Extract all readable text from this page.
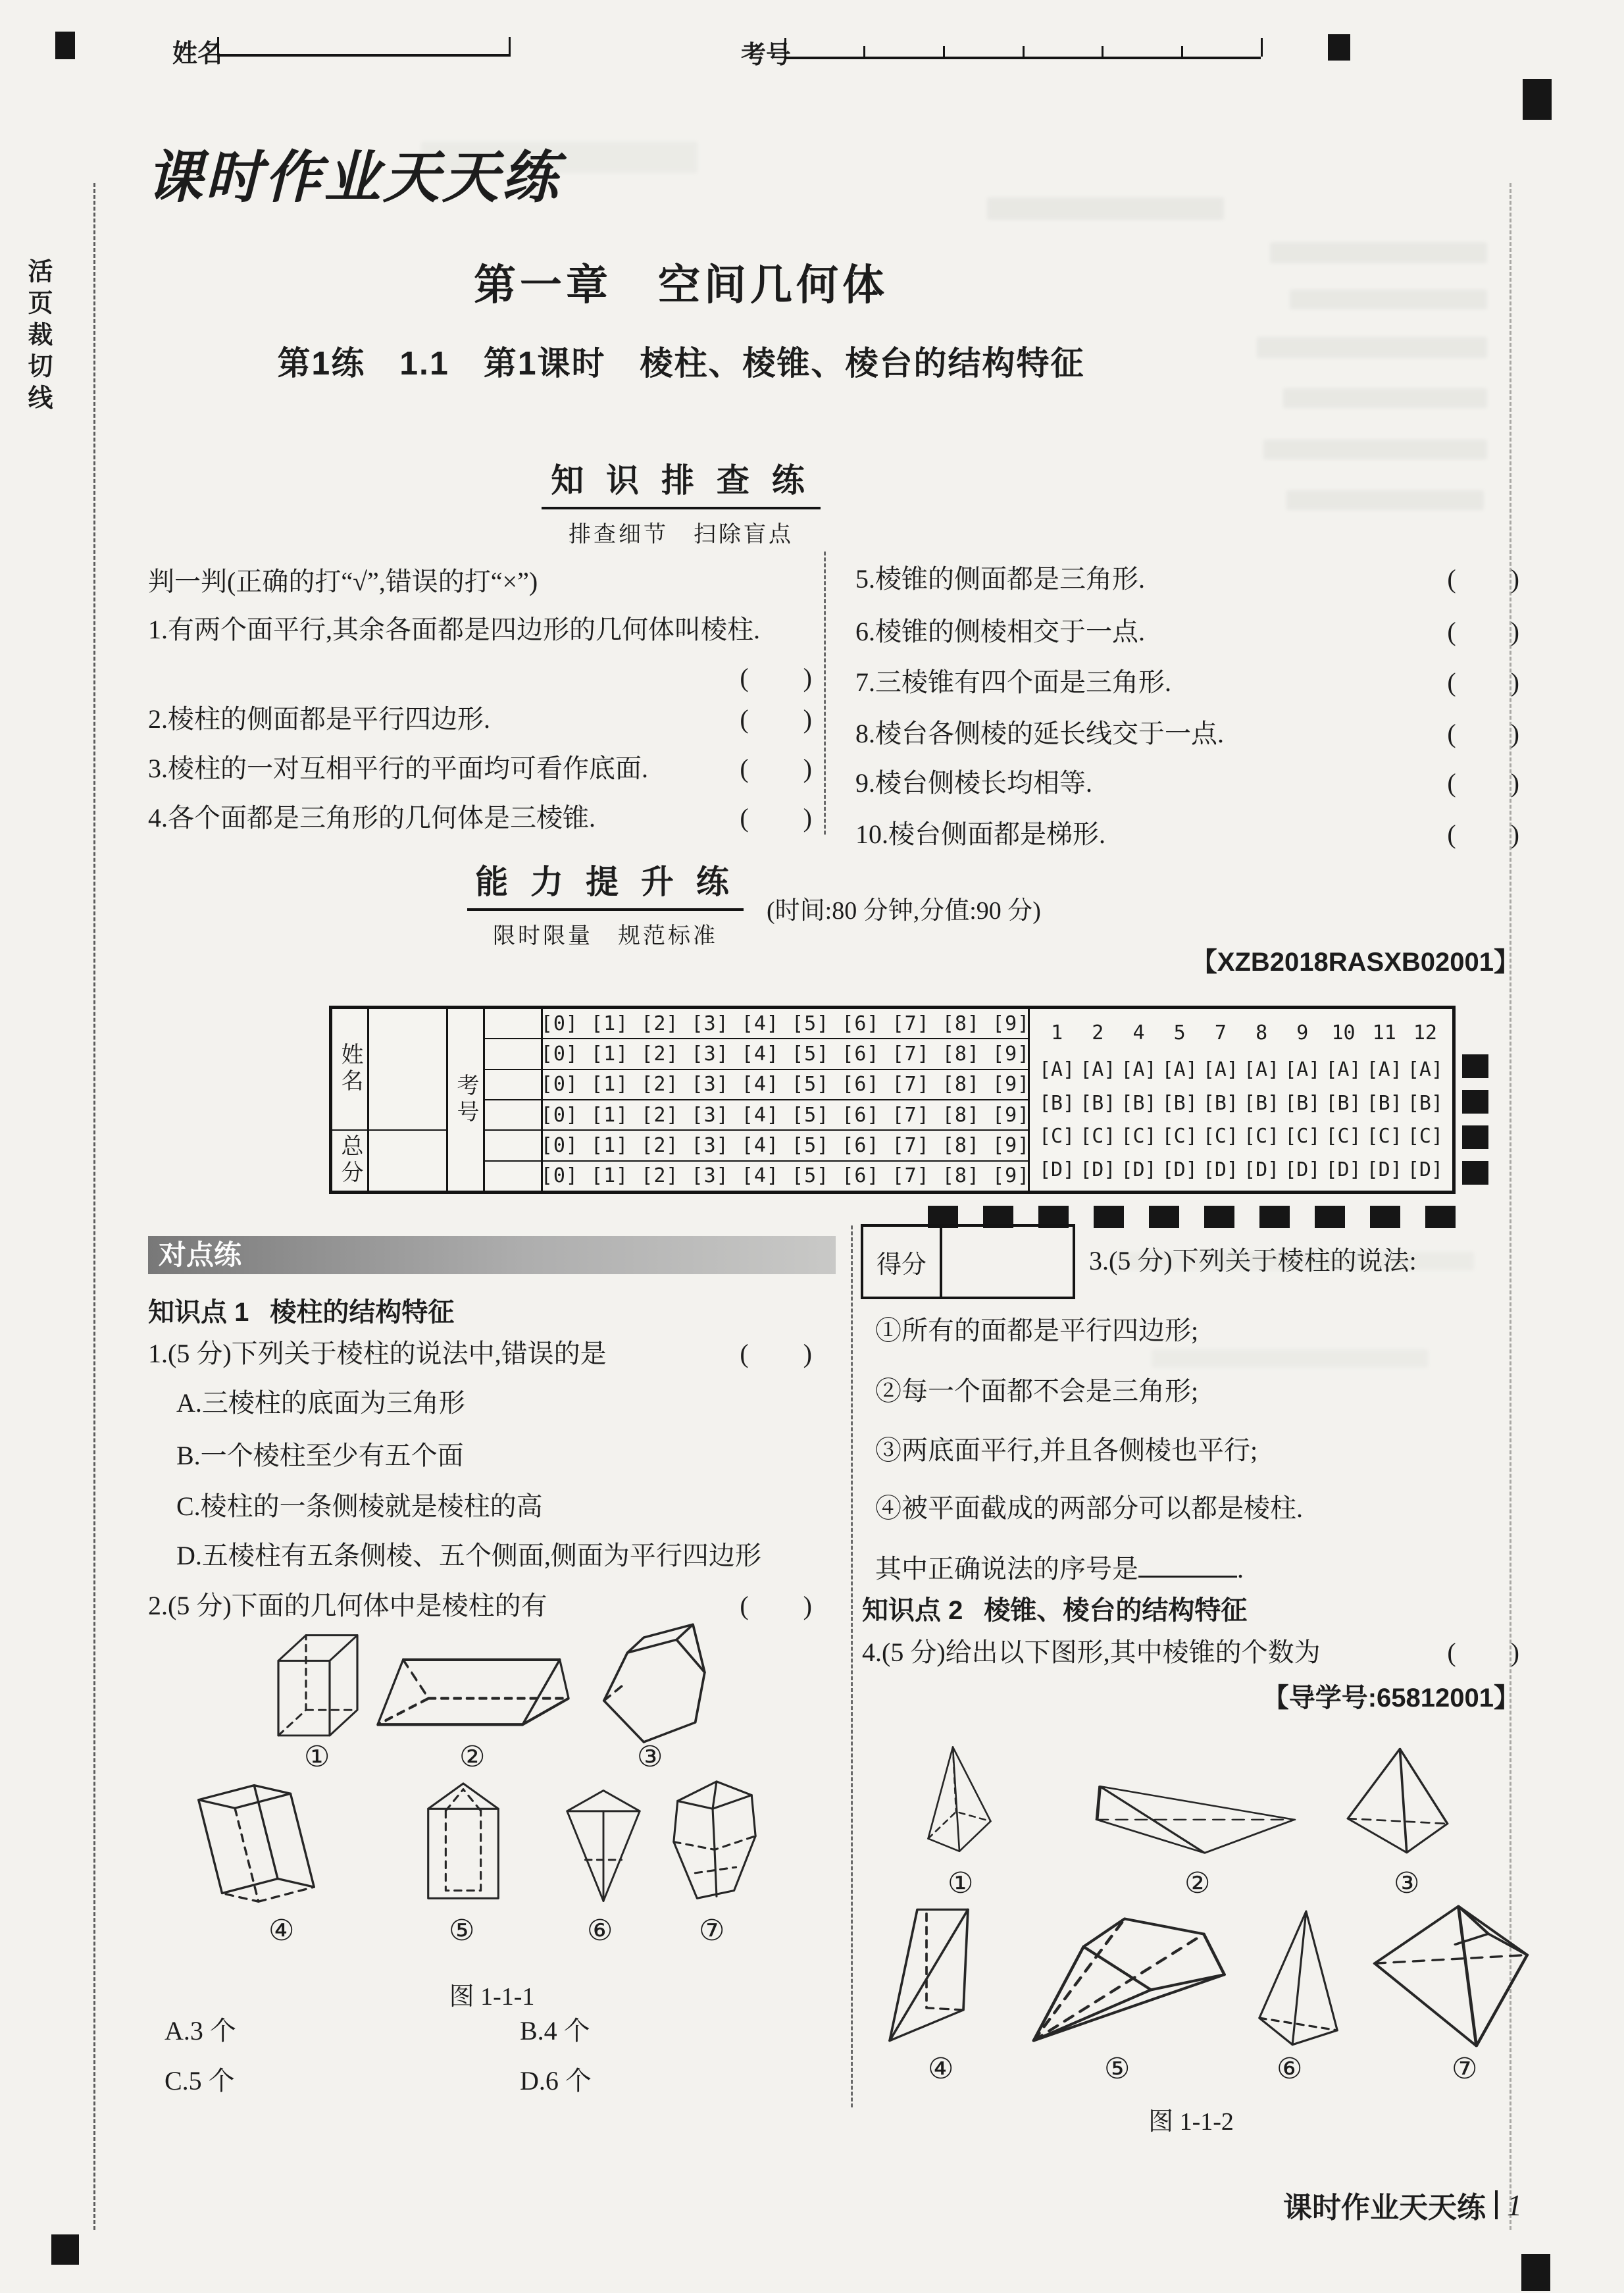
活页裁切线
姓名	考号
课时作业天天练
第一章　空间几何体
第1练　1.1　第1课时　棱柱、棱锥、棱台的结构特征
知 识 排 查 练
排查细节　扫除盲点
判一判(正确的打“√”,错误的打“×”)
1.有两个面平行,其余各面都是四边形的几何体叫棱柱.
(　　)
2.棱柱的侧面都是平行四边形.	(　　)
3.棱柱的一对互相平行的平面均可看作底面.	(　　)
4.各个面都是三角形的几何体是三棱锥.	(　　)
5.棱锥的侧面都是三角形.	(　　)
6.棱锥的侧棱相交于一点.	(　　)
7.三棱锥有四个面是三角形.	(　　)
8.棱台各侧棱的延长线交于一点.	(　　)
9.棱台侧棱长均相等.	(　　)
10.棱台侧面都是梯形.	(　　)
能 力 提 升 练
限时限量　规范标准
(时间:80 分钟,分值:90 分)
【XZB2018RASXB02001】
姓名
总分
考号
[0] [1] [2] [3] [4] [5] [6] [7] [8] [9]
[0] [1] [2] [3] [4] [5] [6] [7] [8] [9]
[0] [1] [2] [3] [4] [5] [6] [7] [8] [9]
[0] [1] [2] [3] [4] [5] [6] [7] [8] [9]
[0] [1] [2] [3] [4] [5] [6] [7] [8] [9]
[0] [1] [2] [3] [4] [5] [6] [7] [8] [9]
1	2	4	5	7	8	9	10 11 12
[A] [A] [A] [A] [A] [A] [A] [A] [A] [A]
[B] [B] [B] [B] [B] [B] [B] [B] [B] [B]
[C] [C] [C] [C] [C] [C] [C] [C] [C] [C]
[D] [D] [D] [D] [D] [D] [D] [D] [D] [D]
对点练
知识点 1 棱柱的结构特征
1.(5 分)下列关于棱柱的说法中,错误的是	(　　)
A.三棱柱的底面为三角形
B.一个棱柱至少有五个面
C.棱柱的一条侧棱就是棱柱的高
D.五棱柱有五条侧棱、五个侧面,侧面为平行四边形
2.(5 分)下面的几何体中是棱柱的有	(　　)
①	②	③
④	⑤	⑥	⑦
图 1-1-1
A.3 个	B.4 个
C.5 个	D.6 个
得分	3.(5 分)下列关于棱柱的说法:
①所有的面都是平行四边形;
②每一个面都不会是三角形;
③两底面平行,并且各侧棱也平行;
④被平面截成的两部分可以都是棱柱.
其中正确说法的序号是	.
知识点 2 棱锥、棱台的结构特征
4.(5 分)给出以下图形,其中棱锥的个数为	(　　)
【导学号:65812001】
①	②	③
④	⑤	⑥	⑦
图 1-1-2
课时作业天天练 1
